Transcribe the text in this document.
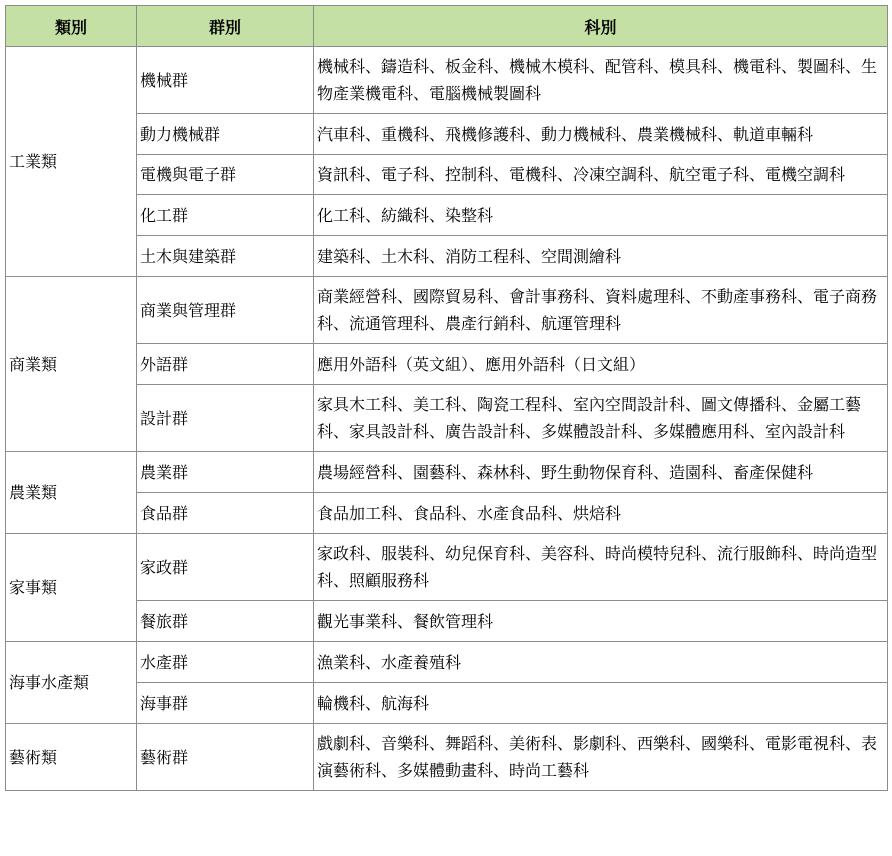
類別	群別	科別
工業類	機械群	機械科、鑄造科、板金科、機械木模科、配管科、模具科、機電科、製圖科、生物產業機電科、電腦機械製圖科
	動力機械群	汽車科、重機科、飛機修護科、動力機械科、農業機械科、軌道車輛科
	電機與電子群	資訊科、電子科、控制科、電機科、冷凍空調科、航空電子科、電機空調科
	化工群	化工科、紡織科、染整科
	土木與建築群	建築科、土木科、消防工程科、空間測繪科
商業類	商業與管理群	商業經營科、國際貿易科、會計事務科、資料處理科、不動產事務科、電子商務科、流通管理科、農產行銷科、航運管理科
	外語群	應用外語科（英文組）、應用外語科（日文組）
	設計群	家具木工科、美工科、陶瓷工程科、室內空間設計科、圖文傳播科、金屬工藝科、家具設計科、廣告設計科、多媒體設計科、多媒體應用科、室內設計科
農業類	農業群	農場經營科、園藝科、森林科、野生動物保育科、造園科、畜產保健科
	食品群	食品加工科、食品科、水產食品科、烘焙科
家事類	家政群	家政科、服裝科、幼兒保育科、美容科、時尚模特兒科、流行服飾科、時尚造型科、照顧服務科
	餐旅群	觀光事業科、餐飲管理科
海事水產類	水產群	漁業科、水產養殖科
	海事群	輪機科、航海科
藝術類	藝術群	戲劇科、音樂科、舞蹈科、美術科、影劇科、西樂科、國樂科、電影電視科、表演藝術科、多媒體動畫科、時尚工藝科
